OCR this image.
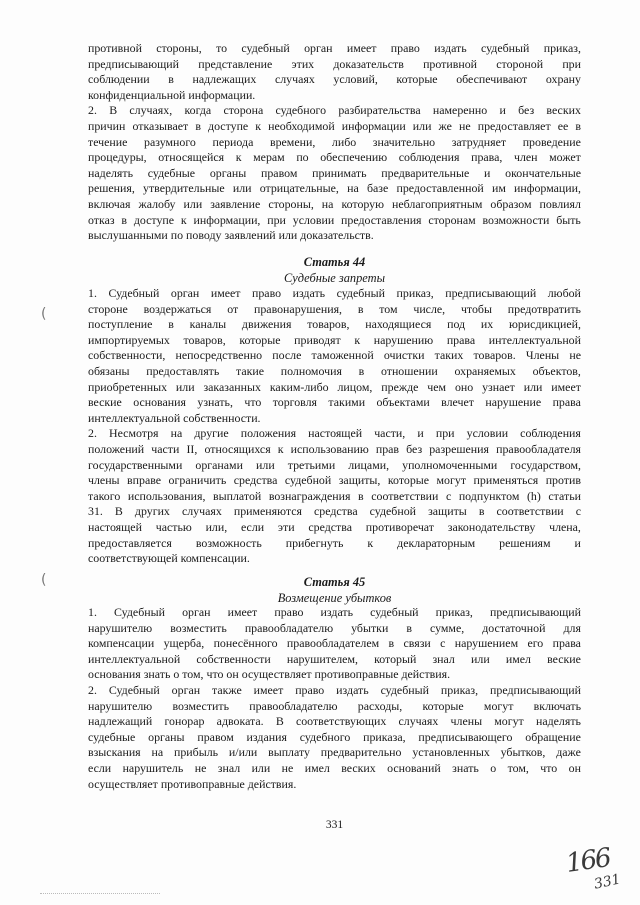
противной стороны, то судебный орган имеет право издать судебный приказ,
предписывающий представление этих доказательств противной стороной при
соблюдении в надлежащих случаях условий, которые обеспечивают охрану
конфиденциальной информации.
2. В случаях, когда сторона судебного разбирательства намеренно и без веских
причин отказывает в доступе к необходимой информации или же не предоставляет ее в
течение разумного периода времени, либо значительно затрудняет проведение
процедуры, относящейся к мерам по обеспечению соблюдения права, член может
наделять судебные органы правом принимать предварительные и окончательные
решения, утвердительные или отрицательные, на базе предоставленной им информации,
включая жалобу или заявление стороны, на которую неблагоприятным образом повлиял
отказ в доступе к информации, при условии предоставления сторонам возможности быть
выслушанными по поводу заявлений или доказательств.
Статья 44
Судебные запреты
1. Судебный орган имеет право издать судебный приказ, предписывающий любой
стороне воздержаться от правонарушения, в том числе, чтобы предотвратить
поступление в каналы движения товаров, находящиеся под их юрисдикцией,
импортируемых товаров, которые приводят к нарушению права интеллектуальной
собственности, непосредственно после таможенной очистки таких товаров. Члены не
обязаны предоставлять такие полномочия в отношении охраняемых объектов,
приобретенных или заказанных каким-либо лицом, прежде чем оно узнает или имеет
веские основания узнать, что торговля такими объектами влечет нарушение права
интеллектуальной собственности.
2. Несмотря на другие положения настоящей части, и при условии соблюдения
положений части II, относящихся к использованию прав без разрешения правообладателя
государственными органами или третьими лицами, уполномоченными государством,
члены вправе ограничить средства судебной защиты, которые могут применяться против
такого использования, выплатой вознаграждения в соответствии с подпунктом (h) статьи
31. В других случаях применяются средства судебной защиты в соответствии с
настоящей частью или, если эти средства противоречат законодательству члена,
предоставляется возможность прибегнуть к деклараторным решениям и
соответствующей компенсации.
Статья 45
Возмещение убытков
1. Судебный орган имеет право издать судебный приказ, предписывающий
нарушителю возместить правообладателю убытки в сумме, достаточной для
компенсации ущерба, понесённого правообладателем в связи с нарушением его права
интеллектуальной собственности нарушителем, который знал или имел веские
основания знать о том, что он осуществляет противоправные действия.
2. Судебный орган также имеет право издать судебный приказ, предписывающий
нарушителю возместить правообладателю расходы, которые могут включать
надлежащий гонорар адвоката. В соответствующих случаях члены могут наделять
судебные органы правом издания судебного приказа, предписывающего обращение
взыскания на прибыль и/или выплату предварительно установленных убытков, даже
если нарушитель не знал или не имел веских оснований знать о том, что он
осуществляет противоправные действия.
331
(
(
166
331
